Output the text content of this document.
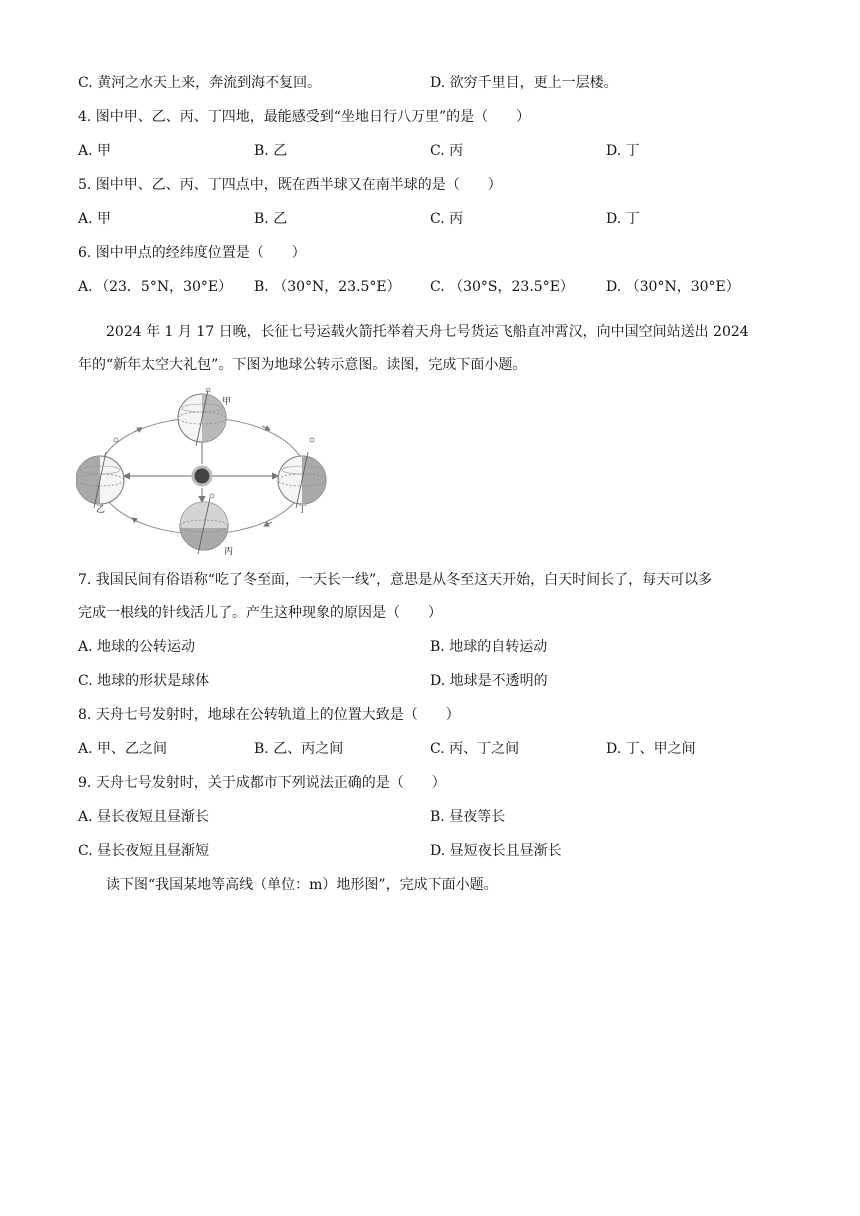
C. 黄河之水天上来，奔流到海不复回。	D. 欲穷千里目，更上一层楼。
4. 图中甲、乙、丙、丁四地，最能感受到“坐地日行八万里”的是（　　）
A. 甲	B. 乙	C. 丙	D. 丁
5. 图中甲、乙、丙、丁四点中，既在西半球又在南半球的是（　　）
A. 甲	B. 乙	C. 丙	D. 丁
6. 图中甲点的经纬度位置是（　　）
A．（23．5°N，30°E） B. （30°N，23.5°E） C. （30°S，23.5°E） D. （30°N，30°E）
2024 年 1 月 17 日晚，长征七号运载火箭托举着天舟七号货运飞船直冲霄汉，向中国空间站送出 2024
年的“新年太空大礼包”。下图为地球公转示意图。读图，完成下面小题。
甲
乙	丁
丙
7. 我国民间有俗语称“吃了冬至面，一天长一线”，意思是从冬至这天开始，白天时间长了，每天可以多
完成一根线的针线活儿了。产生这种现象的原因是（　　）
A. 地球的公转运动	B. 地球的自转运动
C. 地球的形状是球体	D. 地球是不透明的
8. 天舟七号发射时，地球在公转轨道上的位置大致是（　　）
A. 甲、乙之间	B. 乙、丙之间	C. 丙、丁之间	D. 丁、甲之间
9. 天舟七号发射时，关于成都市下列说法正确的是（　　）
A. 昼长夜短且昼渐长	B. 昼夜等长
C. 昼长夜短且昼渐短	D. 昼短夜长且昼渐长
读下图“我国某地等高线（单位：m）地形图”，完成下面小题。
